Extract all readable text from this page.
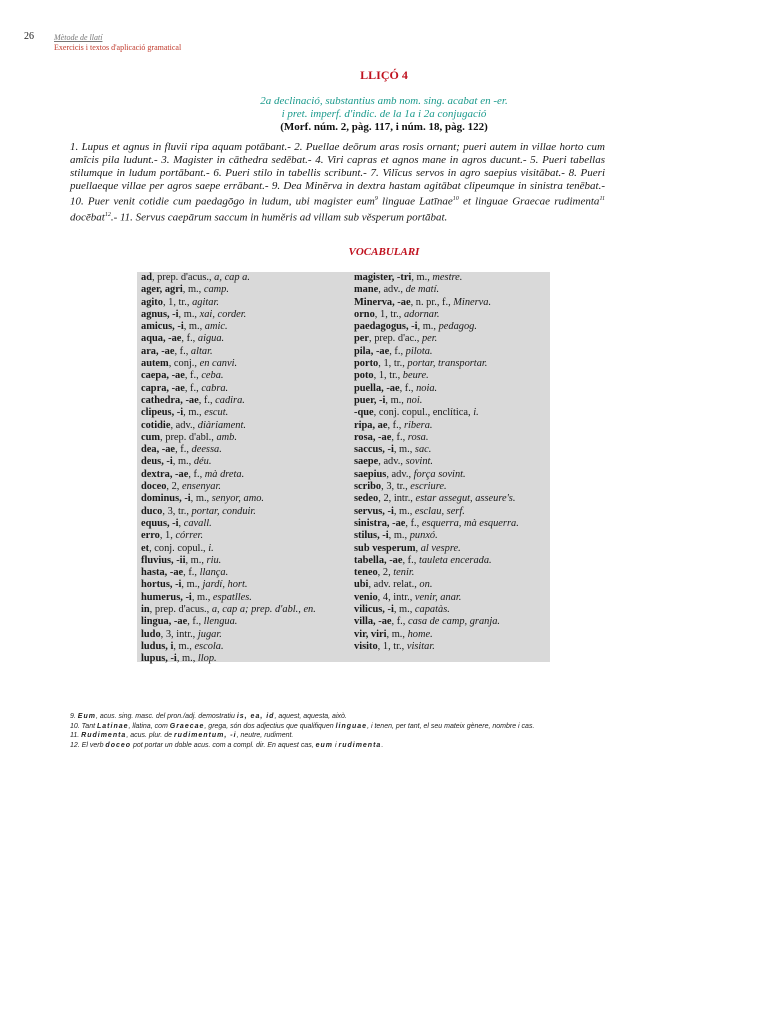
26	Mètode de llatí
Exercicis i textos d'aplicació gramatical
LLIÇÓ 4
2a declinació, substantius amb nom. sing. acabat en -er.
i pret. imperf. d'indic. de la 1a i 2a conjugació
(Morf. núm. 2, pàg. 117, i núm. 18, pàg. 122)
1. Lupus et agnus in fluvii ripa aquam potābant.- 2. Puellae deōrum aras rosis ornant; pueri autem in villae horto cum amīcis pila ludunt.- 3. Magister in cāthedra sedēbat.- 4. Viri capras et agnos mane in agros ducunt.- 5. Pueri tabellas stilumque in ludum portābant.- 6. Pueri stilo in tabellis scribunt.- 7. Vilĭcus servos in agro saepius visitābat.- 8. Pueri puellaeque villae per agros saepe errābant.- 9. Dea Minĕrva in dextra hastam agitābat clipeumque in sinistra tenēbat.- 10. Puer venit cotidie cum paedagōgo in ludum, ubi magister eum$^9$ linguae Latīnae$^{10}$ et linguae Graecae rudimenta$^{11}$ docēbat$^{12}$.- 11. Servus caepārum saccum in humĕris ad villam sub vĕsperum portābat.
VOCABULARI
ad, prep. d'acus., a, cap a.
ager, agri, m., camp.
agito, 1, tr., agitar.
agnus, -i, m., xai, corder.
amicus, -i, m., amic.
aqua, -ae, f., aigua.
ara, -ae, f., altar.
autem, conj., en canvi.
caepa, -ae, f., ceba.
capra, -ae, f., cabra.
cathedra, -ae, f., cadira.
clipeus, -i, m., escut.
cotidie, adv., diàriament.
cum, prep. d'abl., amb.
dea, -ae, f., deessa.
deus, -i, m., déu.
dextra, -ae, f., mà dreta.
doceo, 2, ensenyar.
dominus, -i, m., senyor, amo.
duco, 3, tr., portar, conduir.
equus, -i, cavall.
erro, 1, córrer.
et, conj. copul., i.
fluvius, -ii, m., riu.
hasta, -ae, f., llança.
hortus, -i, m., jardí, hort.
humerus, -i, m., espatlles.
in, prep. d'acus., a, cap a; prep. d'abl., en.
lingua, -ae, f., llengua.
ludo, 3, intr., jugar.
ludus, i, m., escola.
lupus, -i, m., llop.
magister, -tri, m., mestre.
mane, adv., de matí.
Minerva, -ae, n. pr., f., Minerva.
orno, 1, tr., adornar.
paedagogus, -i, m., pedagog.
per, prep. d'ac., per.
pila, -ae, f., pilota.
porto, 1, tr., portar, transportar.
poto, 1, tr., beure.
puella, -ae, f., noia.
puer, -i, m., noi.
-que, conj. copul., enclítica, i.
ripa, ae, f., ribera.
rosa, -ae, f., rosa.
saccus, -i, m., sac.
saepe, adv., sovint.
saepius, adv., força sovint.
scribo, 3, tr., escriure.
sedeo, 2, intr., estar assegut, asseure's.
servus, -i, m., esclau, serf.
sinistra, -ae, f., esquerra, mà esquerra.
stilus, -i, m., punxó.
sub vesperum, al vespre.
tabella, -ae, f., tauleta encerada.
teneo, 2, tenir.
ubi, adv. relat., on.
venio, 4, intr., venir, anar.
vilicus, -i, m., capatàs.
villa, -ae, f., casa de camp, granja.
vir, viri, m., home.
visito, 1, tr., visitar.
9. Eum, acus. sing. masc. del pron./adj. demostratiu is, ea, id, aquest, aquesta, això.
10. Tant Latinae, llatina, com Graecae, grega, són dos adjectius que qualifiquen linguae, i tenen, per tant, el seu mateix gènere, nombre i cas.
11. Rudimenta, acus. plur. de rudimentum, -i, neutre, rudiment.
12. El verb doceo pot portar un doble acus. com a compl. dir. En aquest cas, eum i rudimenta.
